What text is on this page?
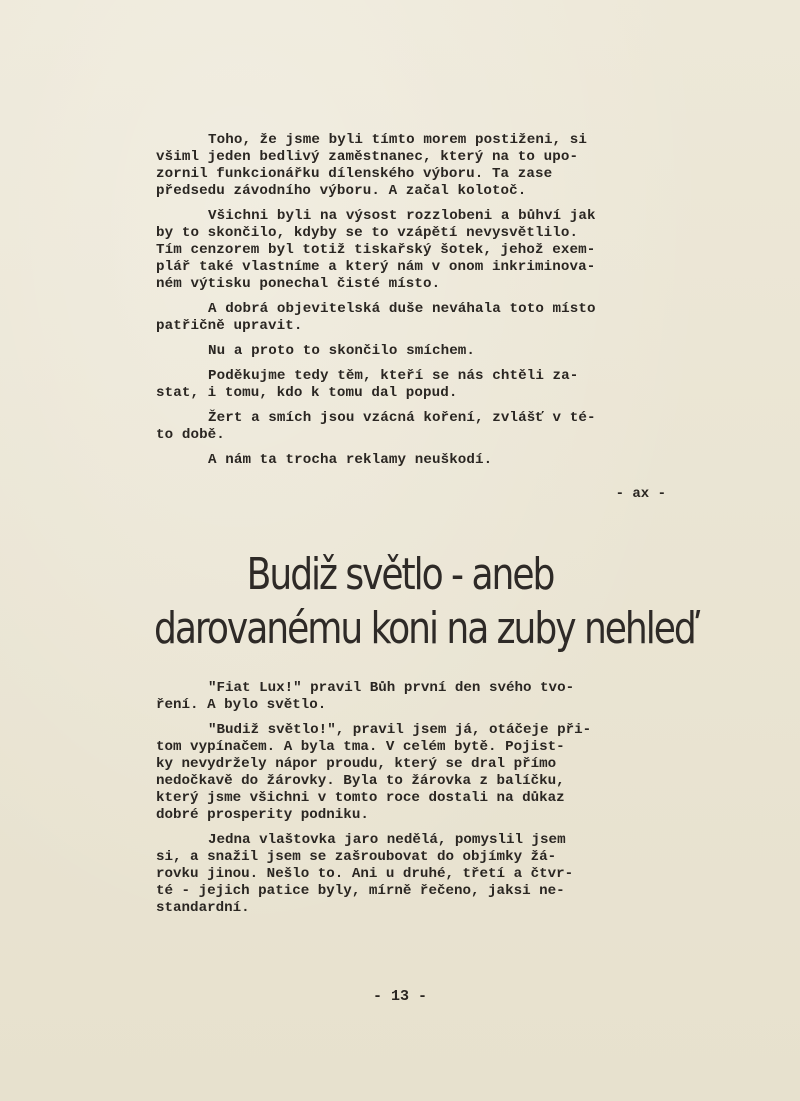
Toho, že jsme byli tímto morem postiženi, si
všiml jeden bedlivý zaměstnanec, který na to upo-
zornil funkcionářku dílenského výboru. Ta zase
předsedu závodního výboru. A začal kolotoč.

Všichni byli na výsost rozzlobeni a bůhví jak
by to skončilo, kdyby se to vzápětí nevysvětlilo.
Tím cenzorem byl totiž tiskařský šotek, jehož exem-
plář také vlastníme a který nám v onom inkriminova-
ném výtisku ponechal čisté místo.

A dobrá objevitelská duše neváhala toto místo
patřičně upravit.

Nu a proto to skončilo smíchem.

Poděkujme tedy těm, kteří se nás chtěli za-
stat, i tomu, kdo k tomu dal popud.

Žert a smích jsou vzácná koření, zvlášť v té-
to době.

A nám ta trocha reklamy neuškodí.

- ax -
Budiž světlo - aneb
darovanému koni na zuby nehleď

"Fiat Lux!" pravil Bůh první den svého tvo-
ření. A bylo světlo.

"Budiž světlo!", pravil jsem já, otáčeje při-
tom vypínačem. A byla tma. V celém bytě. Pojist-
ky nevydržely nápor proudu, který se dral přímo
nedočkavě do žárovky. Byla to žárovka z balíčku,
který jsme všichni v tomto roce dostali na důkaz
dobré prosperity podniku.

Jedna vlaštovka jaro nedělá, pomyslil jsem
si, a snažil jsem se zašroubovat do objímky žá-
rovku jinou. Nešlo to. Ani u druhé, třetí a čtvr-
té - jejich patice byly, mírně řečeno, jaksi ne-
standardní.

- 13 -
